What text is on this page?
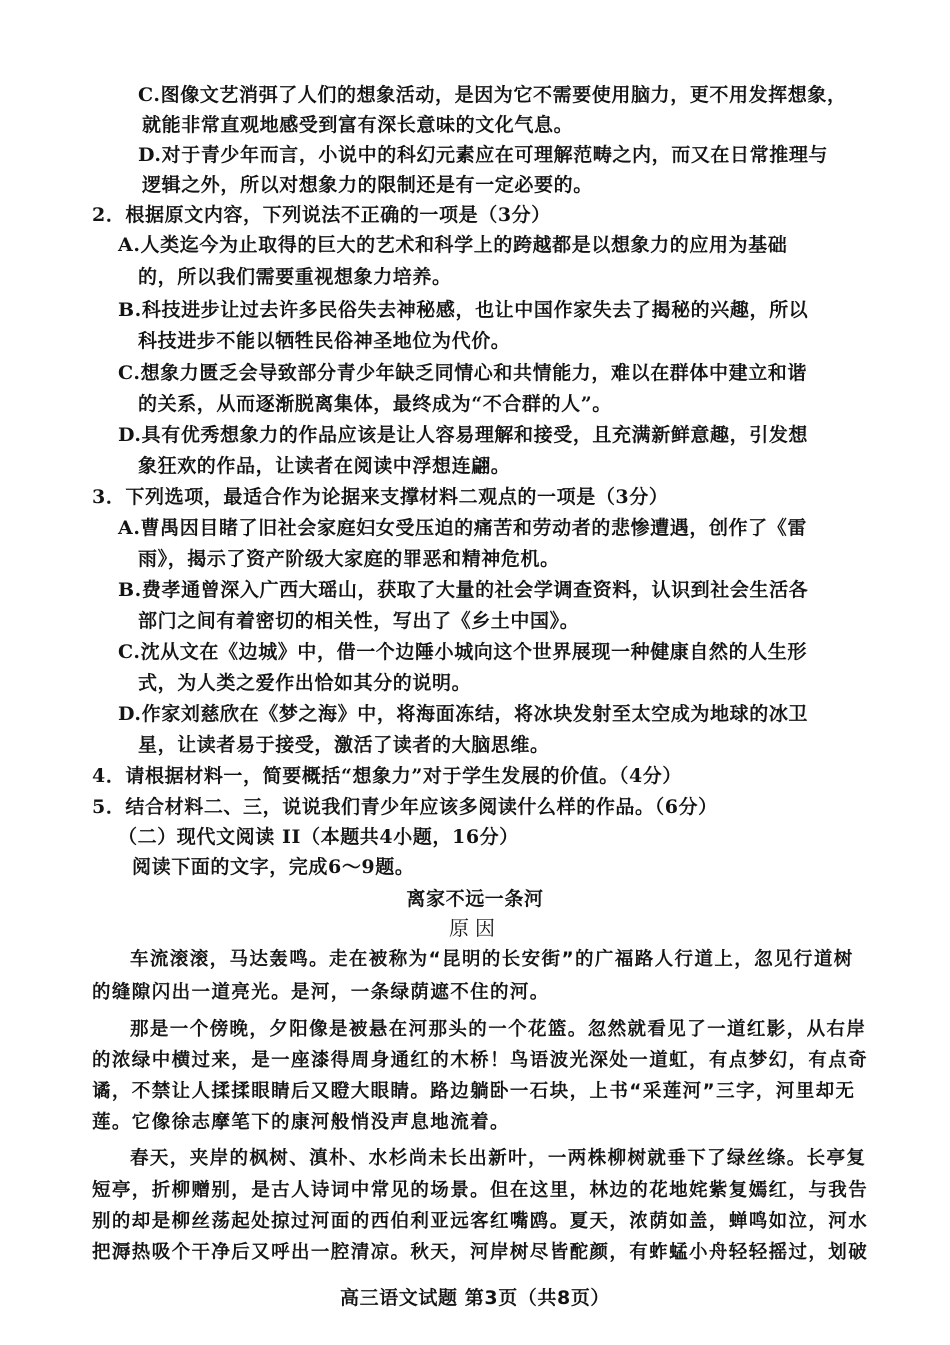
C.图像文艺消弭了人们的想象活动，是因为它不需要使用脑力，更不用发挥想象，
就能非常直观地感受到富有深长意味的文化气息。
D.对于青少年而言，小说中的科幻元素应在可理解范畴之内，而又在日常推理与
逻辑之外，所以对想象力的限制还是有一定必要的。
2．根据原文内容，下列说法不正确的一项是（3分）
A.人类迄今为止取得的巨大的艺术和科学上的跨越都是以想象力的应用为基础
的，所以我们需要重视想象力培养。
B.科技进步让过去许多民俗失去神秘感，也让中国作家失去了揭秘的兴趣，所以
科技进步不能以牺牲民俗神圣地位为代价。
C.想象力匮乏会导致部分青少年缺乏同情心和共情能力，难以在群体中建立和谐
的关系，从而逐渐脱离集体，最终成为“不合群的人”。
D.具有优秀想象力的作品应该是让人容易理解和接受，且充满新鲜意趣，引发想
象狂欢的作品，让读者在阅读中浮想连翩。
3．下列选项，最适合作为论据来支撑材料二观点的一项是（3分）
A.曹禺因目睹了旧社会家庭妇女受压迫的痛苦和劳动者的悲惨遭遇，创作了《雷
雨》，揭示了资产阶级大家庭的罪恶和精神危机。
B.费孝通曾深入广西大瑶山，获取了大量的社会学调查资料，认识到社会生活各
部门之间有着密切的相关性，写出了《乡土中国》。
C.沈从文在《边城》中，借一个边陲小城向这个世界展现一种健康自然的人生形
式，为人类之爱作出恰如其分的说明。
D.作家刘慈欣在《梦之海》中，将海面冻结，将冰块发射至太空成为地球的冰卫
星，让读者易于接受，激活了读者的大脑思维。
4．请根据材料一，简要概括“想象力”对于学生发展的价值。（4分）
5．结合材料二、三，说说我们青少年应该多阅读什么样的作品。（6分）
（二）现代文阅读 II（本题共4小题，16分）
阅读下面的文字，完成6～9题。
离家不远一条河
原因
车流滚滚，马达轰鸣。走在被称为“昆明的长安街”的广福路人行道上，忽见行道树
的缝隙闪出一道亮光。是河，一条绿荫遮不住的河。
那是一个傍晚，夕阳像是被悬在河那头的一个花篮。忽然就看见了一道红影，从右岸
的浓绿中横过来，是一座漆得周身通红的木桥！鸟语波光深处一道虹，有点梦幻，有点奇
谲，不禁让人揉揉眼睛后又瞪大眼睛。路边躺卧一石块，上书“采莲河”三字，河里却无
莲。它像徐志摩笔下的康河般悄没声息地流着。
春天，夹岸的枫树、滇朴、水杉尚未长出新叶，一两株柳树就垂下了绿丝绦。长亭复
短亭，折柳赠别，是古人诗词中常见的场景。但在这里，林边的花地姹紫复嫣红，与我告
别的却是柳丝荡起处掠过河面的西伯利亚远客红嘴鸥。夏天，浓荫如盖，蝉鸣如泣，河水
把溽热吸个干净后又呼出一腔清凉。秋天，河岸树尽皆酡颜，有蚱蜢小舟轻轻摇过，划破
高三语文试题 第3页（共8页）
